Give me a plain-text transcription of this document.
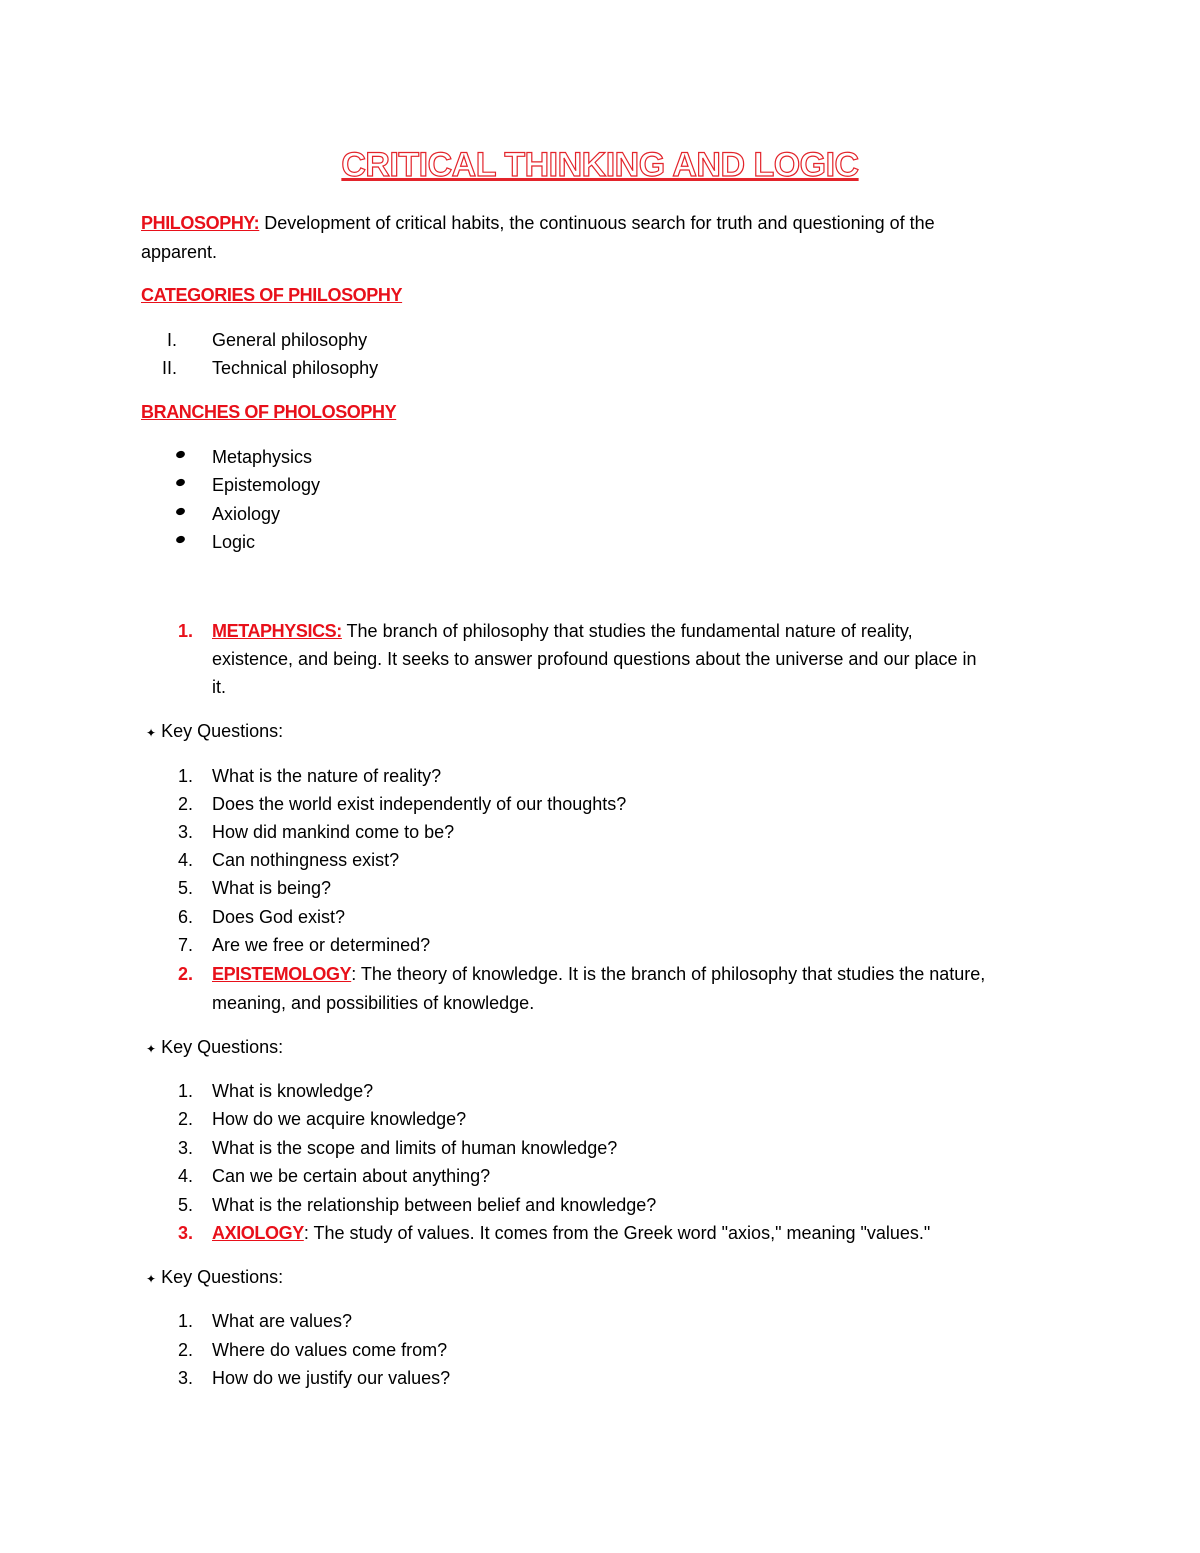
CRITICAL THINKING AND LOGIC
PHILOSOPHY: Development of critical habits, the continuous search for truth and questioning of the
apparent.
CATEGORIES OF PHILOSOPHY
I. General philosophy
II. Technical philosophy
BRANCHES OF PHOLOSOPHY
Metaphysics
Epistemology
Axiology
Logic
1. METAPHYSICS: The branch of philosophy that studies the fundamental nature of reality,
existence, and being. It seeks to answer profound questions about the universe and our place in
it.
✦ Key Questions:
1. What is the nature of reality?
2. Does the world exist independently of our thoughts?
3. How did mankind come to be?
4. Can nothingness exist?
5. What is being?
6. Does God exist?
7. Are we free or determined?
2. EPISTEMOLOGY: The theory of knowledge. It is the branch of philosophy that studies the nature,
meaning, and possibilities of knowledge.
✦ Key Questions:
1. What is knowledge?
2. How do we acquire knowledge?
3. What is the scope and limits of human knowledge?
4. Can we be certain about anything?
5. What is the relationship between belief and knowledge?
3. AXIOLOGY: The study of values. It comes from the Greek word "axios," meaning "values."
✦ Key Questions:
1. What are values?
2. Where do values come from?
3. How do we justify our values?
